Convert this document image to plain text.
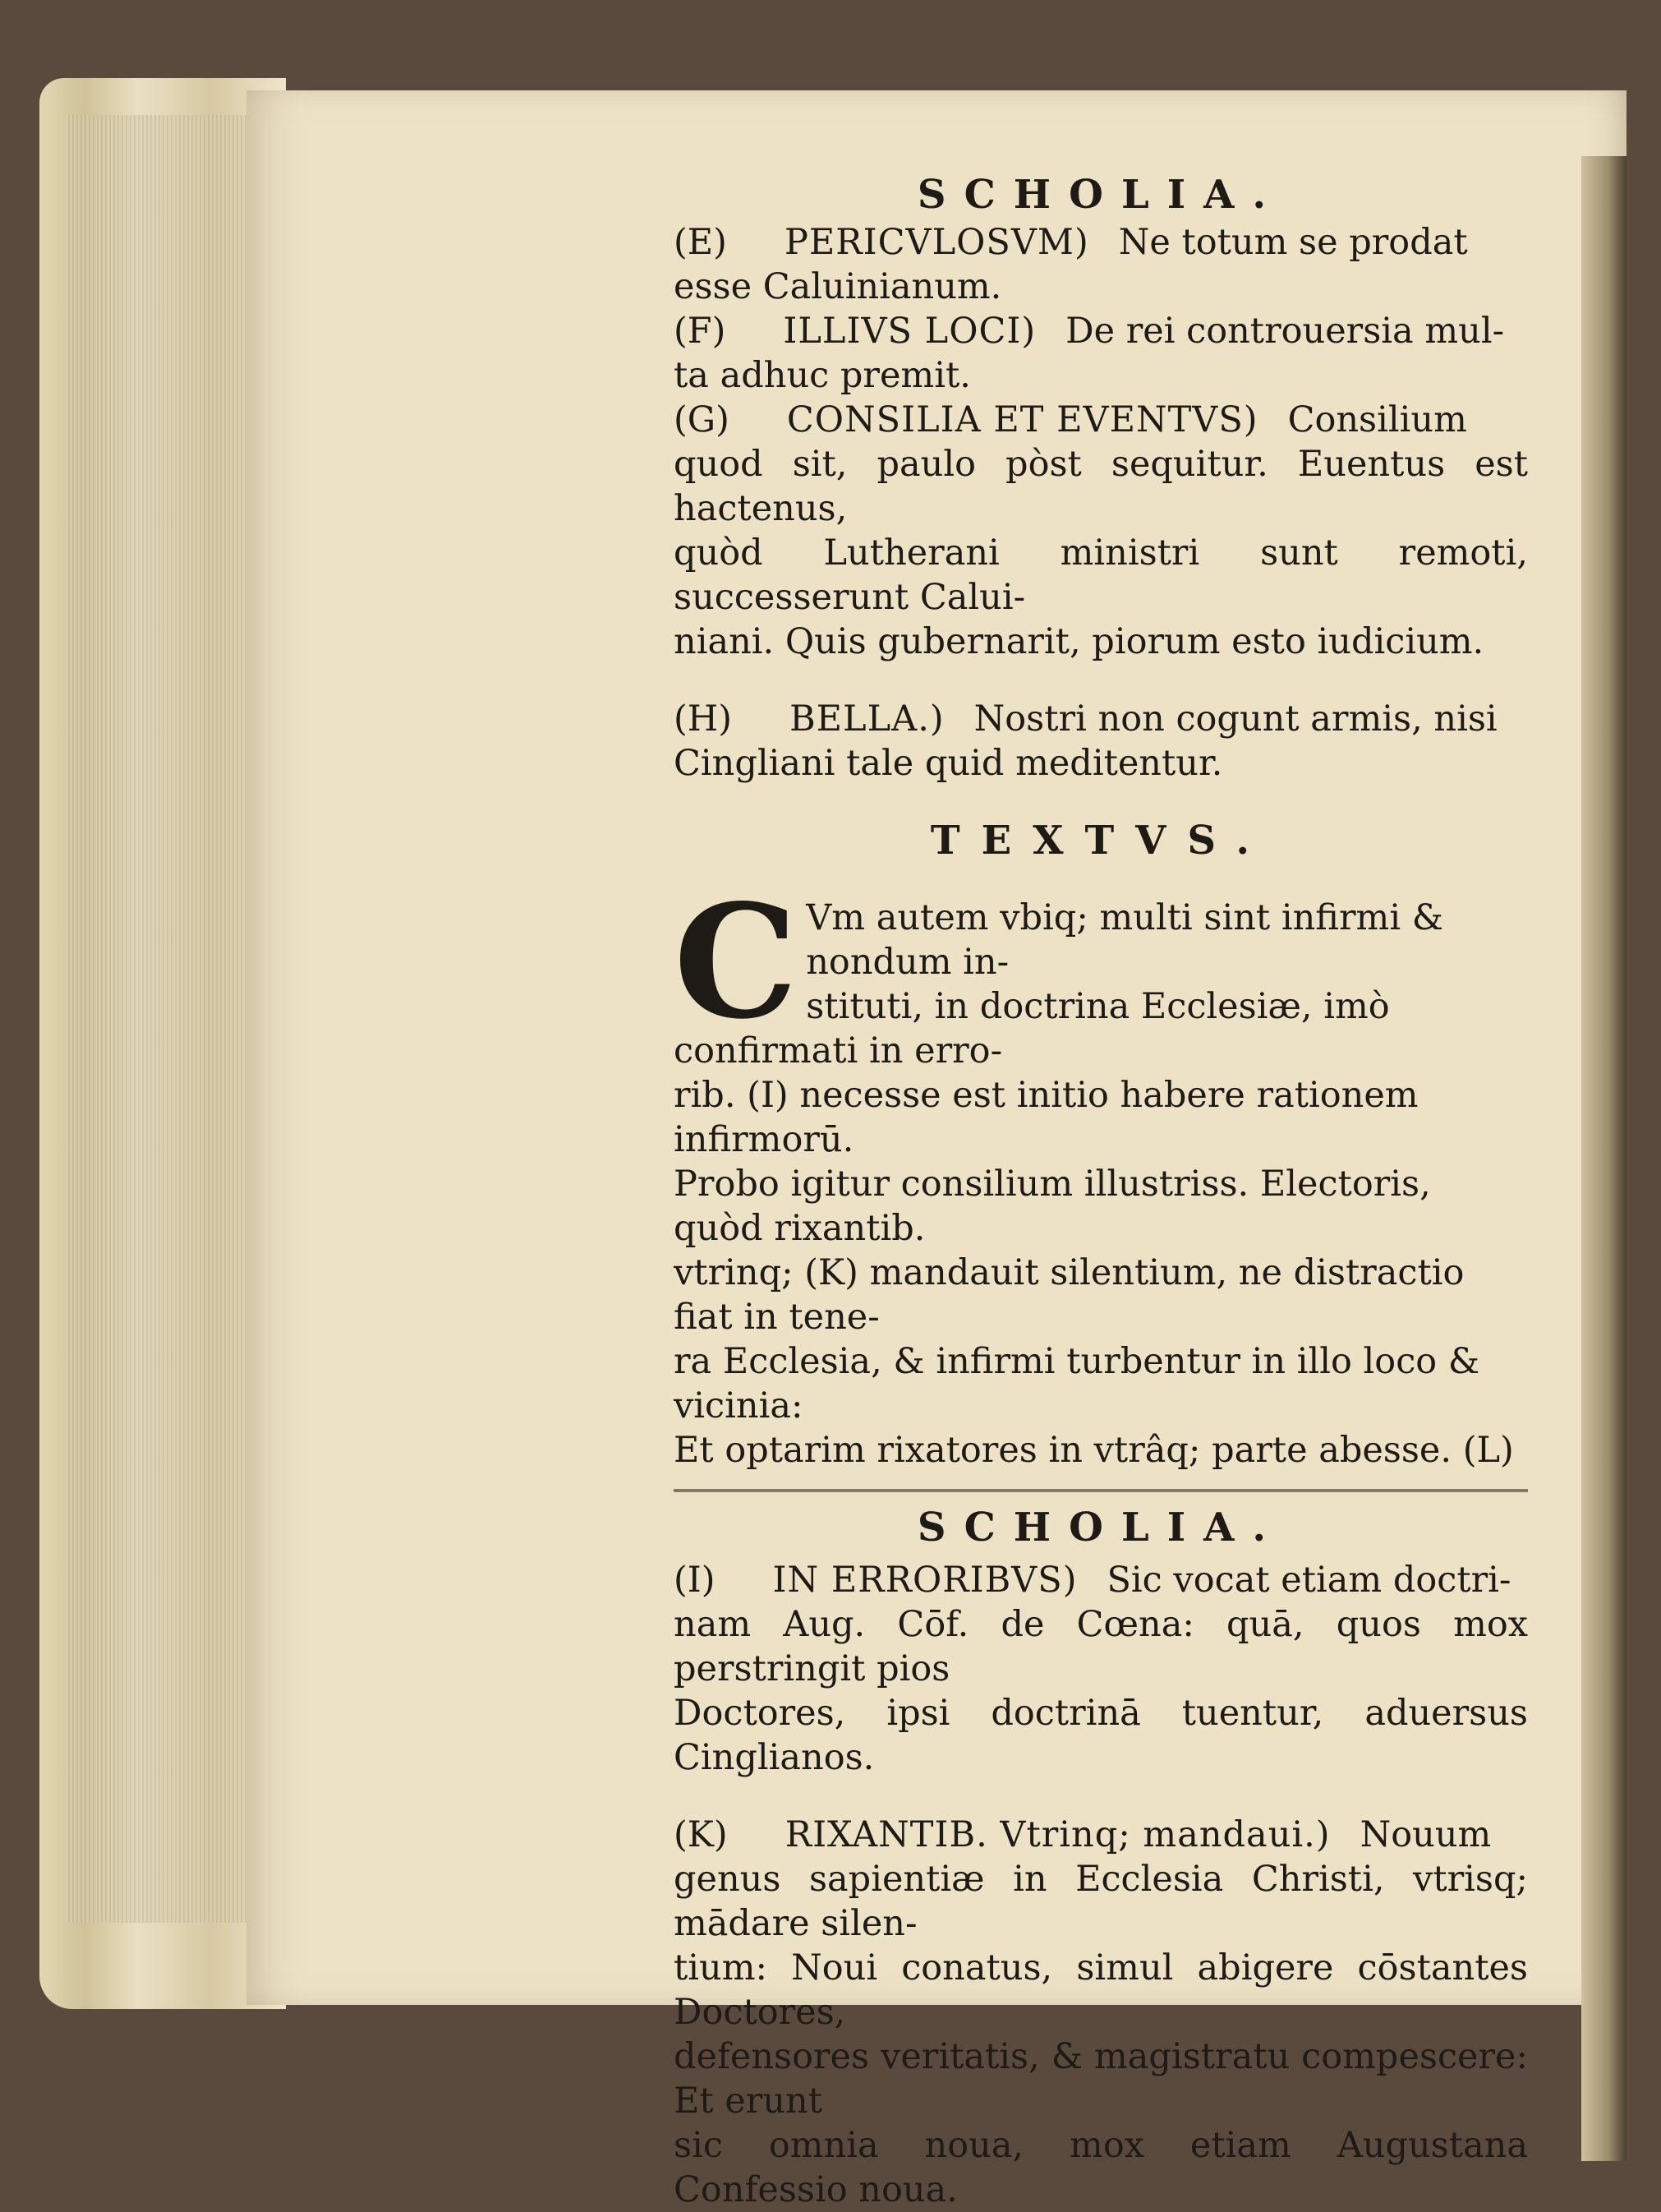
SCHOLIA.

(E) PERICVLOSVM) Ne totum se prodat
esse Caluinianum.

(F) ILLIVS LOCI) De rei controuersia mul-
ta adhuc premit.

(G) CONSILIA ET EVENTVS) Consilium
quod sit, paulo pòst sequitur. Euentus est hactenus,
quòd Lutherani ministri sunt remoti, successerunt Calui-
niani. Quis gubernarit, piorum esto iudicium.

(H) BELLA.) Nostri non cogunt armis, nisi
Cingliani tale quid meditentur.

TEXTVS.
C Vm autem vbiq; multi sint infirmi & nondum in-
stituti, in doctrina Ecclesiæ, imò confirmati in erro-
rib. (I) necesse est initio habere rationem infirmorū.
Probo igitur consilium illustriss. Electoris, quòd rixantib.
vtrinq; (K) mandauit silentium, ne distractio fiat in tene-
ra Ecclesia, & infirmi turbentur in illo loco & vicinia:
Et optarim rixatores in vtrâq; parte abesse. (L)
SCHOLIA.

(I) IN ERRORIBVS) Sic vocat etiam doctri-
nam Aug. Cōf. de Cœna: quā, quos mox perstringit pios
Doctores, ipsi doctrinā tuentur, aduersus Cinglianos.

(K) RIXANTIB. Vtrinq; mandaui.) Nouum
genus sapientiæ in Ecclesia Christi, vtrisq; mādare silen-
tium: Noui conatus, simul abigere cōstantes Doctores,
defensores veritatis, & magistratu compescere: Et erunt
sic omnia noua, mox etiam Augustana Confessio noua.
